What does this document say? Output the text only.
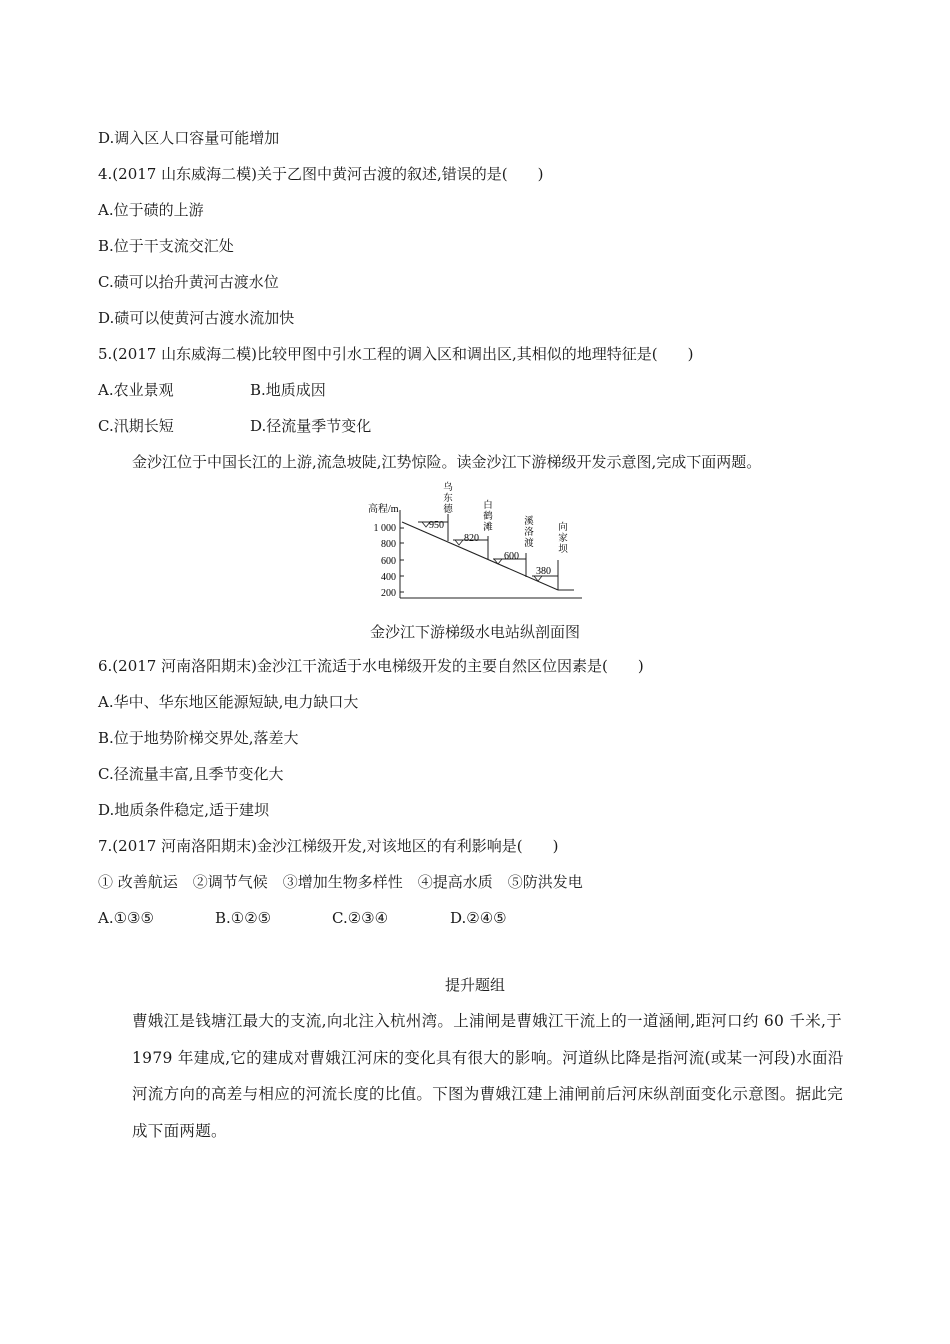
D.调入区人口容量可能增加
4.(2017 山东威海二模)关于乙图中黄河古渡的叙述,错误的是(　　)
A.位于碛的上游
B.位于干支流交汇处
C.碛可以抬升黄河古渡水位
D.碛可以使黄河古渡水流加快
5.(2017 山东威海二模)比较甲图中引水工程的调入区和调出区,其相似的地理特征是(　　)
A.农业景观	B.地质成因
C.汛期长短	D.径流量季节变化
金沙江位于中国长江的上游,流急坡陡,江势惊险。读金沙江下游梯级开发示意图,完成下面两题。
高程/m
1 000
800
600
400
200
950
乌
东
德
820
白
鹤
滩
600
溪
洛
渡
380
向
家
坝
金沙江下游梯级水电站纵剖面图
6.(2017 河南洛阳期末)金沙江干流适于水电梯级开发的主要自然区位因素是(　　)
A.华中、华东地区能源短缺,电力缺口大
B.位于地势阶梯交界处,落差大
C.径流量丰富,且季节变化大
D.地质条件稳定,适于建坝
7.(2017 河南洛阳期末)金沙江梯级开发,对该地区的有利影响是(　　)
① 改善航运　②调节气候　③增加生物多样性　④提高水质　⑤防洪发电
A.①③⑤	B.①②⑤	C.②③④	D.②④⑤
提升题组
曹娥江是钱塘江最大的支流,向北注入杭州湾。上浦闸是曹娥江干流上的一道涵闸,距河口约 60 千米,于 1979 年建成,它的建成对曹娥江河床的变化具有很大的影响。河道纵比降是指河流(或某一河段)水面沿河流方向的高差与相应的河流长度的比值。下图为曹娥江建上浦闸前后河床纵剖面变化示意图。据此完成下面两题。
